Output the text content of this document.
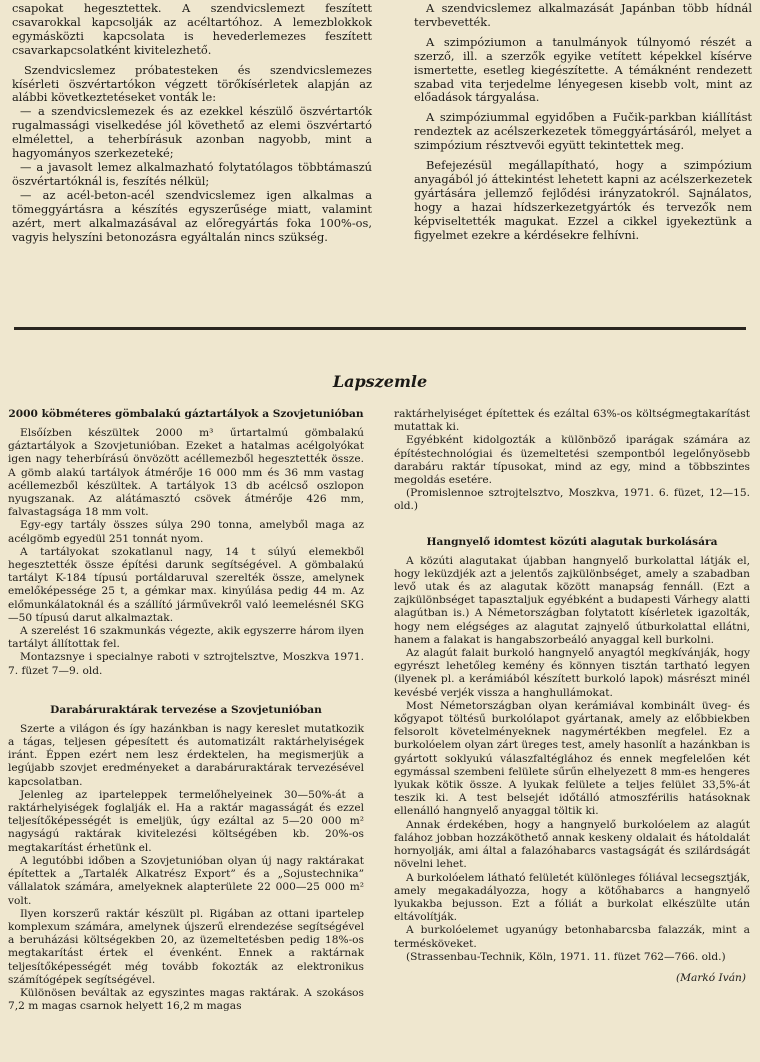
csapokat hegesztettek. A szendvicslemezt feszített csavarokkal kapcsolják az acéltartóhoz. A lemezblokkok egymásközti kapcsolata is hevederlemezes feszített csavarkapcsolatként kivitelezhető.

Szendvicslemez próbatesteken és szendvicslemezes kísérleti öszvértartókon végzett törőkísérletek alapján az alábbi következtetéseket vonták le:

— a szendvicslemezek és az ezekkel készülő öszvértartók rugalmassági viselkedése jól követhető az elemi öszvértartó elmélettel, a teherbírásuk azonban nagyobb, mint a hagyományos szerkezeteké;

— a javasolt lemez alkalmazható folytatólagos többtámaszú öszvértartóknál is, feszítés nélkül;

— az acél-beton-acél szendvicslemez igen alkalmas a tömeggyártásra a készítés egyszerűsége miatt, valamint azért, mert alkalmazásával az előregyártás foka 100%-os, vagyis helyszíni betonozásra egyáltalán nincs szükség.

A szendvicslemez alkalmazását Japánban több hídnál tervbevették.

A szimpóziumon a tanulmányok túlnyomó részét a szerző, ill. a szerzők egyike vetített képekkel kísérve ismertette, esetleg kiegészítette. A témáknént rendezett szabad vita terjedelme lényegesen kisebb volt, mint az előadások tárgyalása.

A szimpóziummal egyidőben a Fučik-parkban kiállítást rendeztek az acélszerkezetek tömeggyártásáról, melyet a szimpózium résztvevői együtt tekintettek meg.

Befejezésül megállapítható, hogy a szimpózium anyagából jó áttekintést lehetett kapni az acélszerkezetek gyártására jellemző fejlődési irányzatokról. Sajnálatos, hogy a hazai hídszerkezetgyártók és tervezők nem képviseltették magukat. Ezzel a cikkel igyekeztünk a figyelmet ezekre a kérdésekre felhívni.

Lapszemle

2000 köbméteres gömbalakú gáztartályok a Szovjetunióban

Elsőízben készültek 2000 m³ űrtartalmú gömbalakú gáztartályok a Szovjetunióban. Ezeket a hatalmas acélgolyókat igen nagy teherbírású önvözött acéllemezből hegesztették össze. A gömb alakú tartályok átmérője 16 000 mm és 36 mm vastag acéllemezből készültek. A tartályok 13 db acélcső oszlopon nyugszanak. Az alátámasztó csövek átmérője 426 mm, falvastagsága 18 mm volt.

Egy-egy tartály összes súlya 290 tonna, amelyből maga az acélgömb egyedül 251 tonnát nyom.

A tartályokat szokatlanul nagy, 14 t súlyú elemekből hegesztették össze építési darunk segítségével. A gömbalakú tartályt K-184 típusú portáldaruval szerelték össze, amelynek emelőképessége 25 t, a gémkar max. kinyúlása pedig 44 m. Az előmunkálatoknál és a szállító járművekről való leemelésnél SKG—50 típusú darut alkalmaztak.

A szerelést 16 szakmunkás végezte, akik egyszerre három ilyen tartályt állítottak fel.

Montazsnye i specialnye raboti v sztrojtelsztve, Moszkva 1971. 7. füzet 7—9. old.

Darabáruraktárak tervezése a Szovjetunióban

Szerte a világon és így hazánkban is nagy kereslet mutatkozik a tágas, teljesen gépesített és automatizált raktárhelyiségek iránt. Éppen ezért nem lesz érdektelen, ha megismerjük a legújabb szovjet eredményeket a darabáruraktárak tervezésével kapcsolatban.

Jelenleg az iparteleppek termelőhelyeinek 30—50%-át a raktárhelyiségek foglalják el. Ha a raktár magasságát és ezzel teljesítőképességét is emeljük, úgy ezáltal az 5—20 000 m² nagyságú raktárak kivitelezési költségében kb. 20%-os megtakarítást érhetünk el.

A legutóbbi időben a Szovjetunióban olyan új nagy raktárakat építettek a „Tartalék Alkatrész Export” és a „Sojustechnika” vállalatok számára, amelyeknek alapterülete 22 000—25 000 m² volt.

Ilyen korszerű raktár készült pl. Rigában az ottani ipartelep komplexum számára, amelynek újszerű elrendezése segítségével a beruházási költségekben 20, az üzemeltetésben pedig 18%-os megtakarítást értek el évenként. Ennek a raktárnak teljesítőképességét még tovább fokozták az elektronikus számítógépek segítségével.

Különösen beváltak az egyszintes magas raktárak. A szokásos 7,2 m magas csarnok helyett 16,2 m magas

raktárhelyiséget építettek és ezáltal 63%-os költségmegtakarítást mutattak ki.

Egyébként kidolgozták a különböző iparágak számára az építéstechnológiai és üzemeltetési szempontból legelőnyösebb darabáru raktár típusokat, mind az egy, mind a többszintes megoldás esetére.

(Promislennoe sztrojtelsztvo, Moszkva, 1971. 6. füzet, 12—15. old.)

Hangnyelő idomtest közúti alagutak burkolására

A közúti alagutakat újabban hangnyelő burkolattal látják el, hogy leküzdjék azt a jelentős zajkülönbséget, amely a szabadban levő utak és az alagutak között manapság fennáll. (Ezt a zajkülönbséget tapasztaljuk egyébként a budapesti Várhegy alatti alagútban is.) A Németországban folytatott kísérletek igazolták, hogy nem elégséges az alagutat zajnyelő útburkolattal ellátni, hanem a falakat is hangabszorbeáló anyaggal kell burkolni.

Az alagút falait burkoló hangnyelő anyagtól megkívánják, hogy egyrészt lehetőleg kemény és könnyen tisztán tartható legyen (ilyenek pl. a kerámiából készített burkoló lapok) másrészt minél kevésbé verjék vissza a hanghullámokat.

Most Németországban olyan kerámiával kombinált üveg- és kőgyapot töltésű burkolólapot gyártanak, amely az előbbiekben felsorolt követelményeknek nagymértékben megfelel. Ez a burkolóelem olyan zárt üreges test, amely hasonlít a hazánkban is gyártott soklyukú válaszfaltéglához és ennek megfelelően két egymással szembeni felülete sűrűn elhelyezett 8 mm-es hengeres lyukak kötik össze. A lyukak felülete a teljes felület 33,5%-át teszik ki. A test belsejét időtálló atmoszférilis hatásoknak ellenálló hangnyelő anyaggal töltik ki.

Annak érdekében, hogy a hangnyelő burkolóelem az alagút falához jobban hozzáköthető annak keskeny oldalait és hátoldalát hornyolják, ami által a falazóhabarcs vastagságát és szilárdságát növelni lehet.

A burkolóelem látható felületét különleges fóliával lecsegsztják, amely megakadályozza, hogy a kötőhabarcs a hangnyelő lyukakba bejusson. Ezt a fóliát a burkolat elkészülte után eltávolítják.

A burkolóelemet ugyanúgy betonhabarcsba falazzák, mint a termésköveket.

(Strassenbau-Technik, Köln, 1971. 11. füzet 762—766. old.)

(Markó Iván)
